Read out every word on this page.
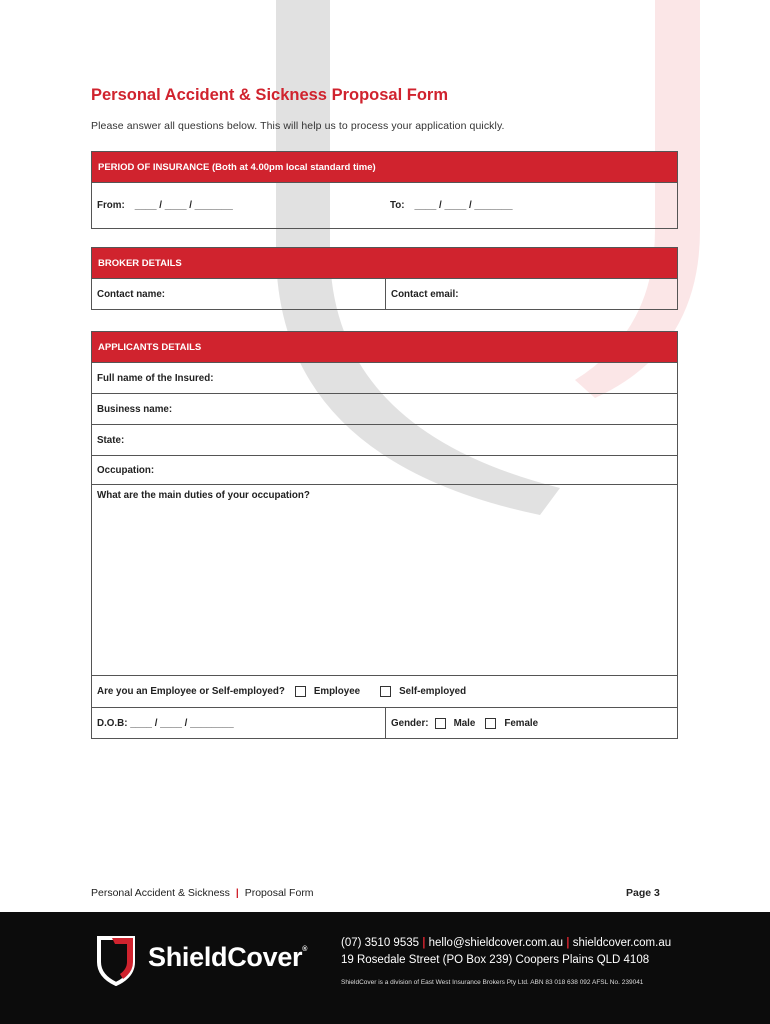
Personal Accident & Sickness Proposal Form
Please answer all questions below. This will help us to process your application quickly.
PERIOD OF INSURANCE (Both at 4.00pm local standard time)
From: ____ / ____ / _______	To: ____ / ____ / _______
BROKER DETAILS
Contact name:	Contact email:
APPLICANTS DETAILS
Full name of the Insured:
Business name:
State:
Occupation:
What are the main duties of your occupation?
Are you an Employee or Self-employed?	Employee	Self-employed
D.O.B: ____ / ____ / ________	Gender:	Male	Female
Personal Accident & Sickness | Proposal Form	Page 3
ShieldCover®
(07) 3510 9535 | hello@shieldcover.com.au | shieldcover.com.au
19 Rosedale Street (PO Box 239) Coopers Plains QLD 4108
ShieldCover is a division of East West Insurance Brokers Pty Ltd. ABN 83 018 638 092 AFSL No. 239041
